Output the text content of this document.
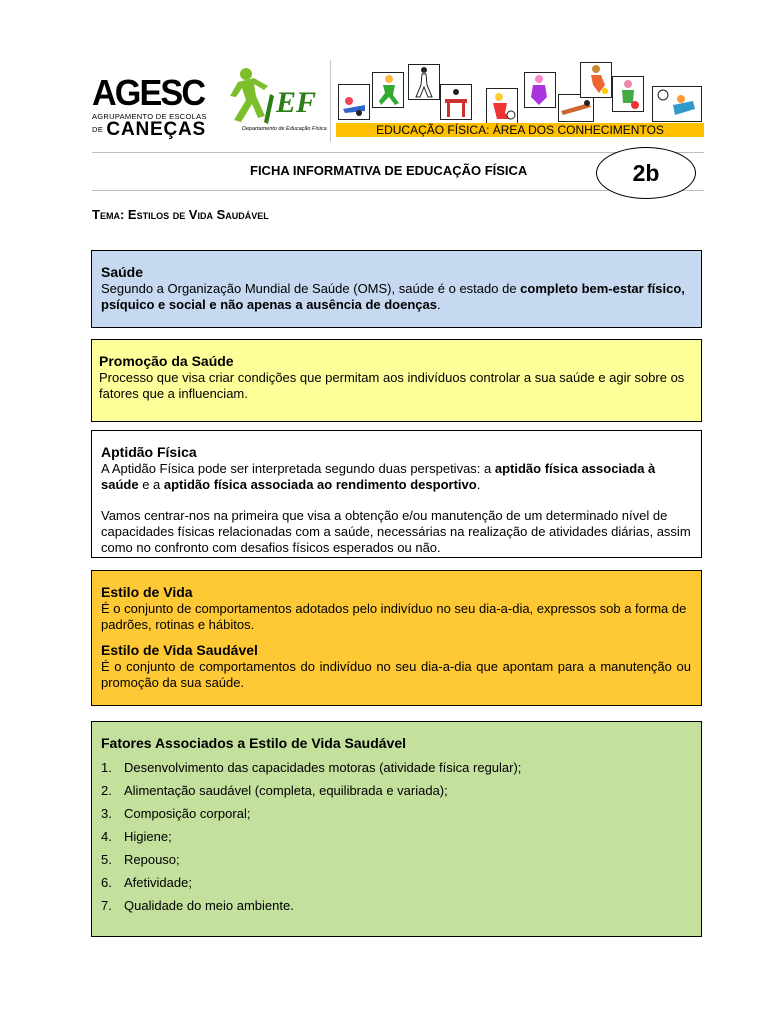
AGESC
AGRUPAMENTO DE ESCOLAS
DE CANEÇAS
EF
Departamento de Educação Física	EDUCAÇÃO FÍSICA: ÁREA DOS CONHECIMENTOS
FICHA INFORMATIVA DE EDUCAÇÃO FÍSICA	2b
Tema: Estilos de Vida Saudável
Saúde

Segundo a Organização Mundial de Saúde (OMS), saúde é o estado de completo bem-estar físico, psíquico e social e não apenas a ausência de doenças.

Promoção da Saúde

Processo que visa criar condições que permitam aos indivíduos controlar a sua saúde e agir sobre os fatores que a influenciam.

Aptidão Física

A Aptidão Física pode ser interpretada segundo duas perspetivas: a aptidão física associada à saúde e a aptidão física associada ao rendimento desportivo.

Vamos centrar-nos na primeira que visa a obtenção e/ou manutenção de um determinado nível de capacidades físicas relacionadas com a saúde, necessárias na realização de atividades diárias, assim como no confronto com desafios físicos esperados ou não.

Estilo de Vida

É o conjunto de comportamentos adotados pelo indivíduo no seu dia-a-dia, expressos sob a forma de padrões, rotinas e hábitos.

Estilo de Vida Saudável

É o conjunto de comportamentos do indivíduo no seu dia-a-dia que apontam para a manutenção ou promoção da sua saúde.

Fatores Associados a Estilo de Vida Saudável
1. Desenvolvimento das capacidades motoras (atividade física regular);
2. Alimentação saudável (completa, equilibrada e variada);
3. Composição corporal;
4. Higiene;
5. Repouso;
6. Afetividade;
7. Qualidade do meio ambiente.
